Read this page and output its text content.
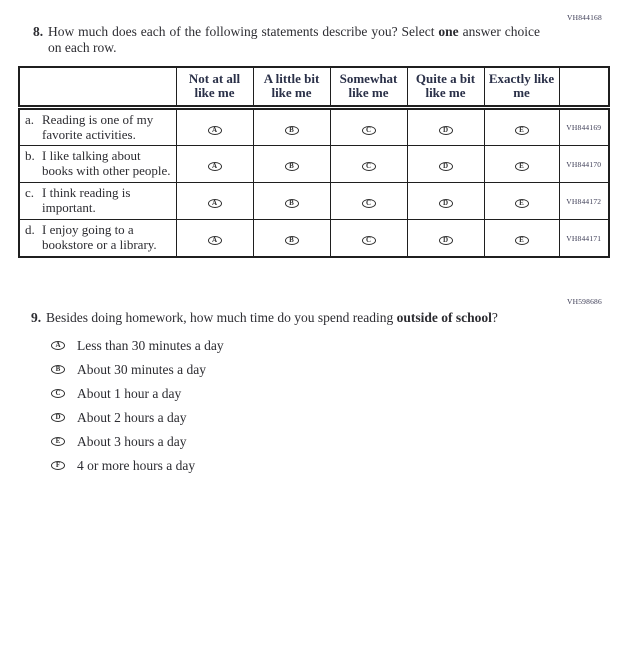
VH844168
8. How much does each of the following statements describe you? Select one answer choice on each row.
	Not at all like me	A little bit like me	Somewhat like me	Quite a bit like me	Exactly like me	

a. Reading is one of my favorite activities.	A	B	C	D	E	VH844169

b. I like talking about books with other people.	A	B	C	D	E	VH844170

c. I think reading is important.	A	B	C	D	E	VH844172

d. I enjoy going to a bookstore or a library.	A	B	C	D	E	VH844171
VH598686
9. Besides doing homework, how much time do you spend reading outside of school?
A Less than 30 minutes a day
B About 30 minutes a day
C About 1 hour a day
D About 2 hours a day
E About 3 hours a day
F 4 or more hours a day
